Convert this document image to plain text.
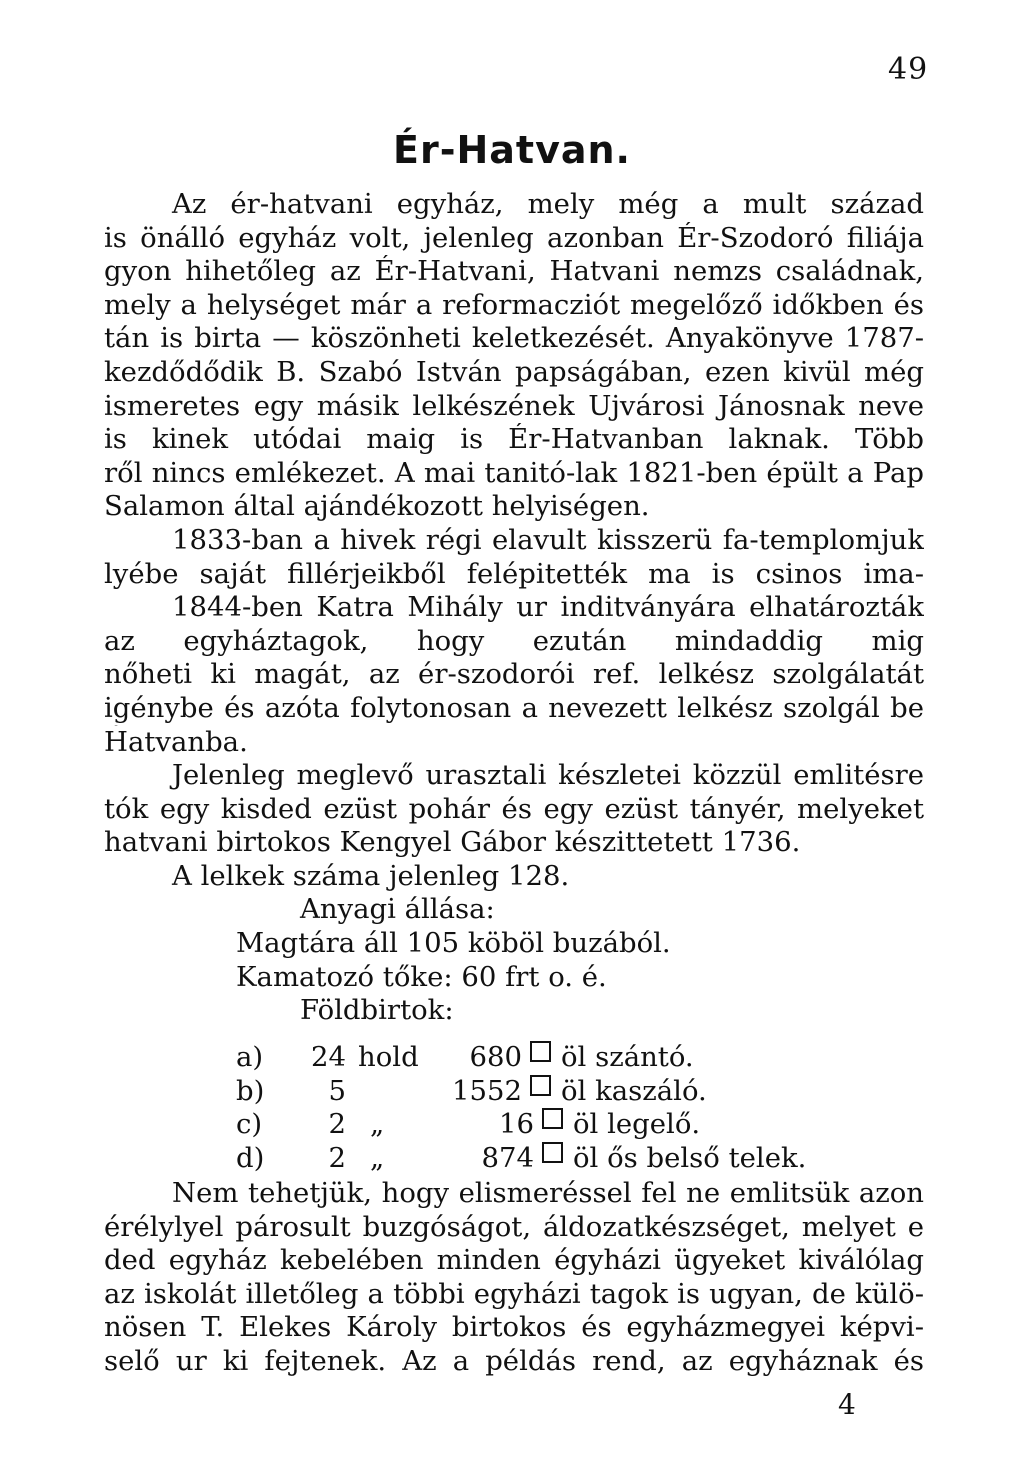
49
Ér-Hatvan.
Az ér-hatvani egyház, mely még a mult század
is önálló egyház volt, jelenleg azonban Ér-Szodoró filiája
gyon hihetőleg az Ér-Hatvani, Hatvani nemzs családnak,
mely a helységet már a reformacziót megelőző időkben és
tán is birta — köszönheti keletkezését. Anyakönyve 1787-
kezdődődik B. Szabó István papságában, ezen kivül még
ismeretes egy másik lelkészének Ujvárosi Jánosnak neve
is kinek utódai maig is Ér-Hatvanban laknak. Több
ről nincs emlékezet. A mai tanitó-lak 1821-ben épült a Pap
Salamon által ajándékozott helyiségen.
1833-ban a hivek régi elavult kisszerü fa-templomjuk
lyébe saját fillérjeikből felépitették ma is csinos ima-
1844-ben Katra Mihály ur inditványára elhatározták
az egyháztagok, hogy ezután mindaddig mig
nőheti ki magát, az ér-szodorói ref. lelkész szolgálatát
igénybe és azóta folytonosan a nevezett lelkész szolgál be
Hatvanba.
Jelenleg meglevő urasztali készletei közzül emlitésre
tók egy kisded ezüst pohár és egy ezüst tányér, melyeket
hatvani birtokos Kengyel Gábor készittetett 1736.
A lelkek száma jelenleg 128.
Anyagi állása:
Magtára áll 105 köböl buzából.
Kamatozó tőke: 60 frt o. é.
Földbirtok:
a)	24 hold	680 öl szántó.
b)	5	1552 öl kaszáló.
c)	2 „	16 öl legelő.
d)	2 „	874 öl ős belső telek.
Nem tehetjük, hogy elismeréssel fel ne emlitsük azon
érélylyel párosult buzgóságot, áldozatkészséget, melyet e
ded egyház kebelében minden égyházi ügyeket kiválólag
az iskolát illetőleg a többi egyházi tagok is ugyan, de külö-
nösen T. Elekes Károly birtokos és egyházmegyei képvi-
selő ur ki fejtenek. Az a példás rend, az egyháznak és
4
